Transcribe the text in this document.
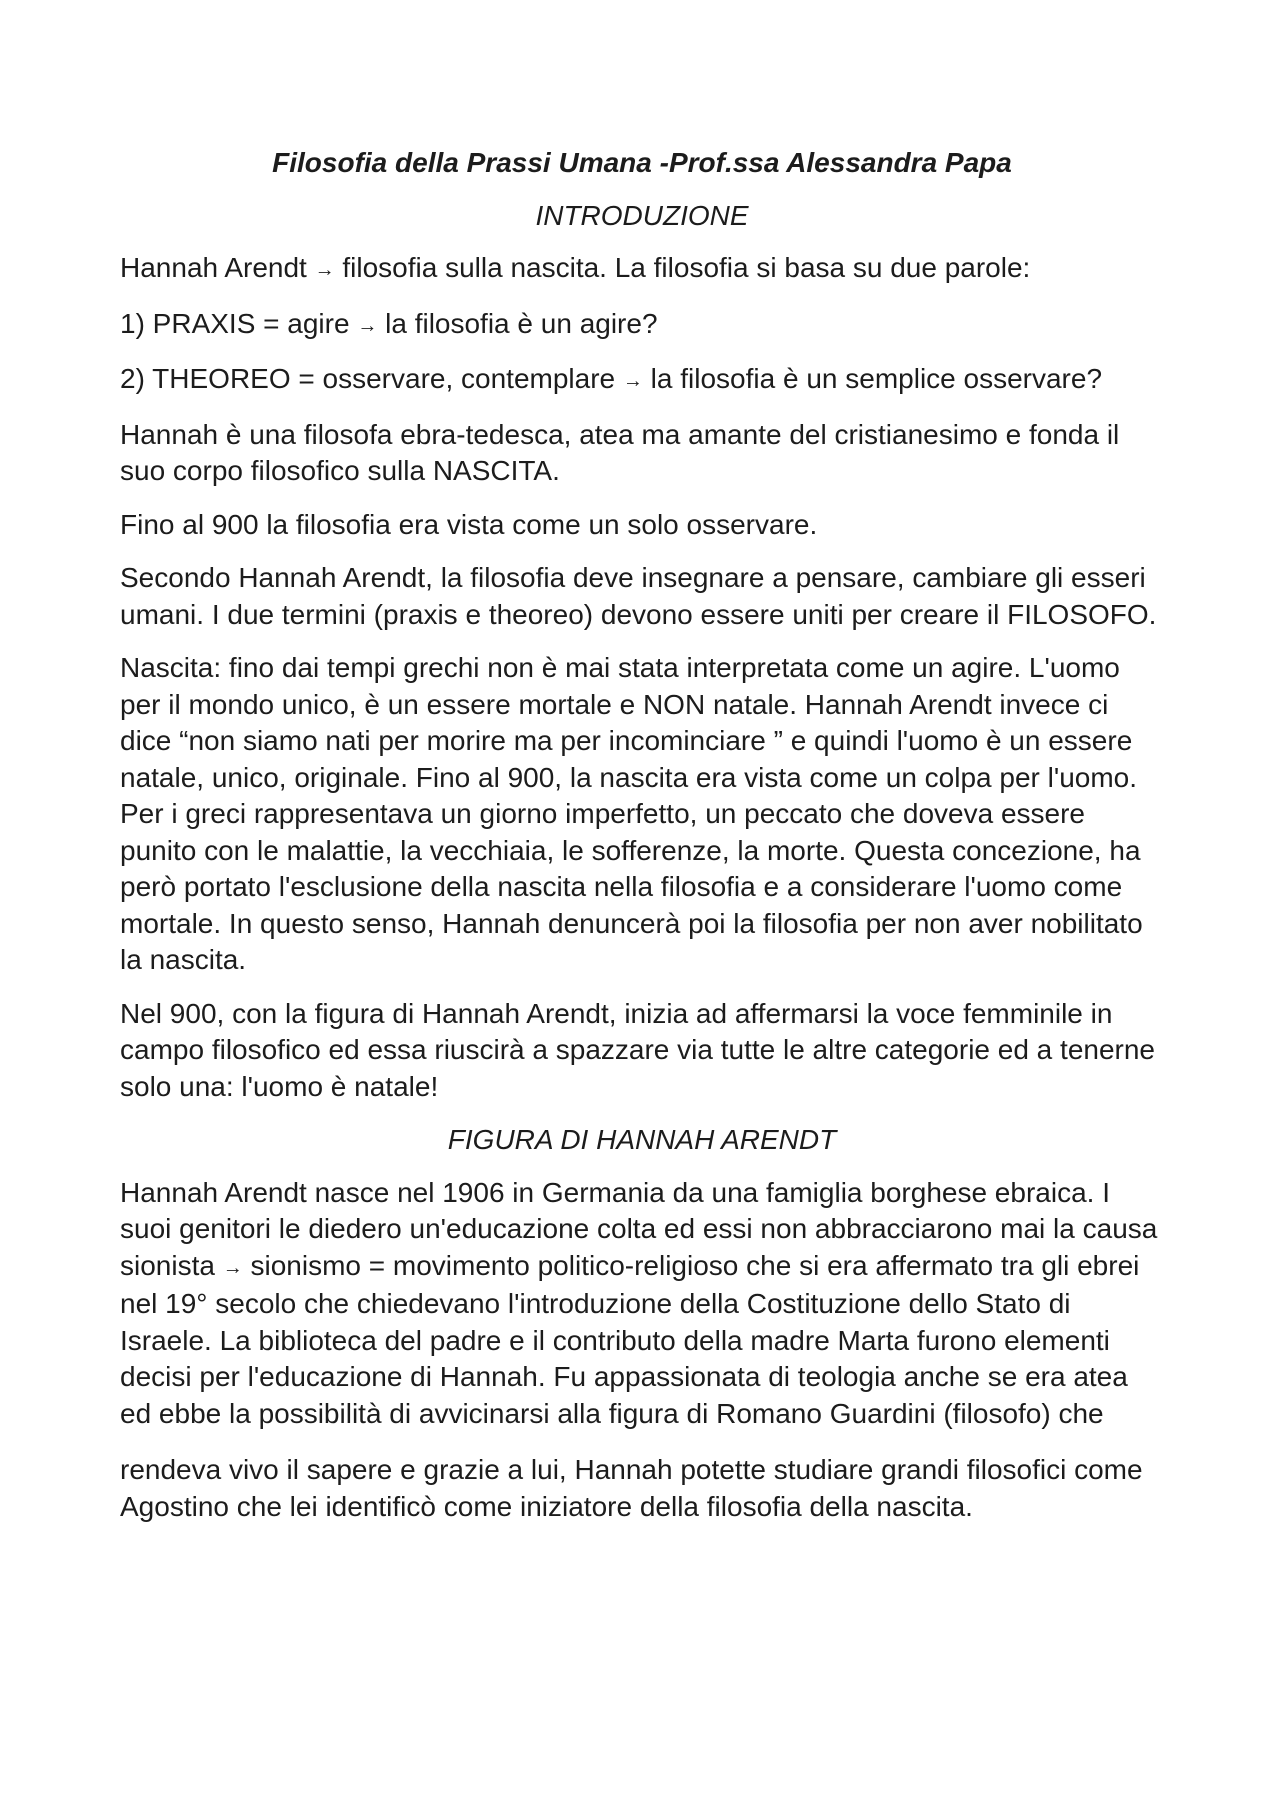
Filosofia della Prassi Umana -Prof.ssa Alessandra Papa
INTRODUZIONE

Hannah Arendt → filosofia sulla nascita. La filosofia si basa su due parole:

1) PRAXIS = agire → la filosofia è un agire?

2) THEOREO = osservare, contemplare → la filosofia è un semplice osservare?

Hannah è una filosofa ebra-tedesca, atea ma amante del cristianesimo e fonda il suo corpo filosofico sulla NASCITA.

Fino al 900 la filosofia era vista come un solo osservare.

Secondo Hannah Arendt, la filosofia deve insegnare a pensare, cambiare gli esseri umani. I due termini (praxis e theoreo) devono essere uniti per creare il FILOSOFO.

Nascita: fino dai tempi grechi non è mai stata interpretata come un agire. L'uomo per il mondo unico, è un essere mortale e NON natale. Hannah Arendt invece ci dice “non siamo nati per morire ma per incominciare ” e quindi l'uomo è un essere natale, unico, originale. Fino al 900, la nascita era vista come un colpa per l'uomo. Per i greci rappresentava un giorno imperfetto, un peccato che doveva essere punito con le malattie, la vecchiaia, le sofferenze, la morte. Questa concezione, ha però portato l'esclusione della nascita nella filosofia e a considerare l'uomo come mortale. In questo senso, Hannah denuncerà poi la filosofia per non aver nobilitato la nascita.

Nel 900, con la figura di Hannah Arendt, inizia ad affermarsi la voce femminile in campo filosofico ed essa riuscirà a spazzare via tutte le altre categorie ed a tenerne solo una: l'uomo è natale!

FIGURA DI HANNAH ARENDT

Hannah Arendt nasce nel 1906 in Germania da una famiglia borghese ebraica. I suoi genitori le diedero un'educazione colta ed essi non abbracciarono mai la causa sionista → sionismo = movimento politico-religioso che si era affermato tra gli ebrei nel 19° secolo che chiedevano l'introduzione della Costituzione dello Stato di Israele. La biblioteca del padre e il contributo della madre Marta furono elementi decisi per l'educazione di Hannah. Fu appassionata di teologia anche se era atea ed ebbe la possibilità di avvicinarsi alla figura di Romano Guardini (filosofo) che

rendeva vivo il sapere e grazie a lui, Hannah potette studiare grandi filosofici come Agostino che lei identificò come iniziatore della filosofia della nascita.
